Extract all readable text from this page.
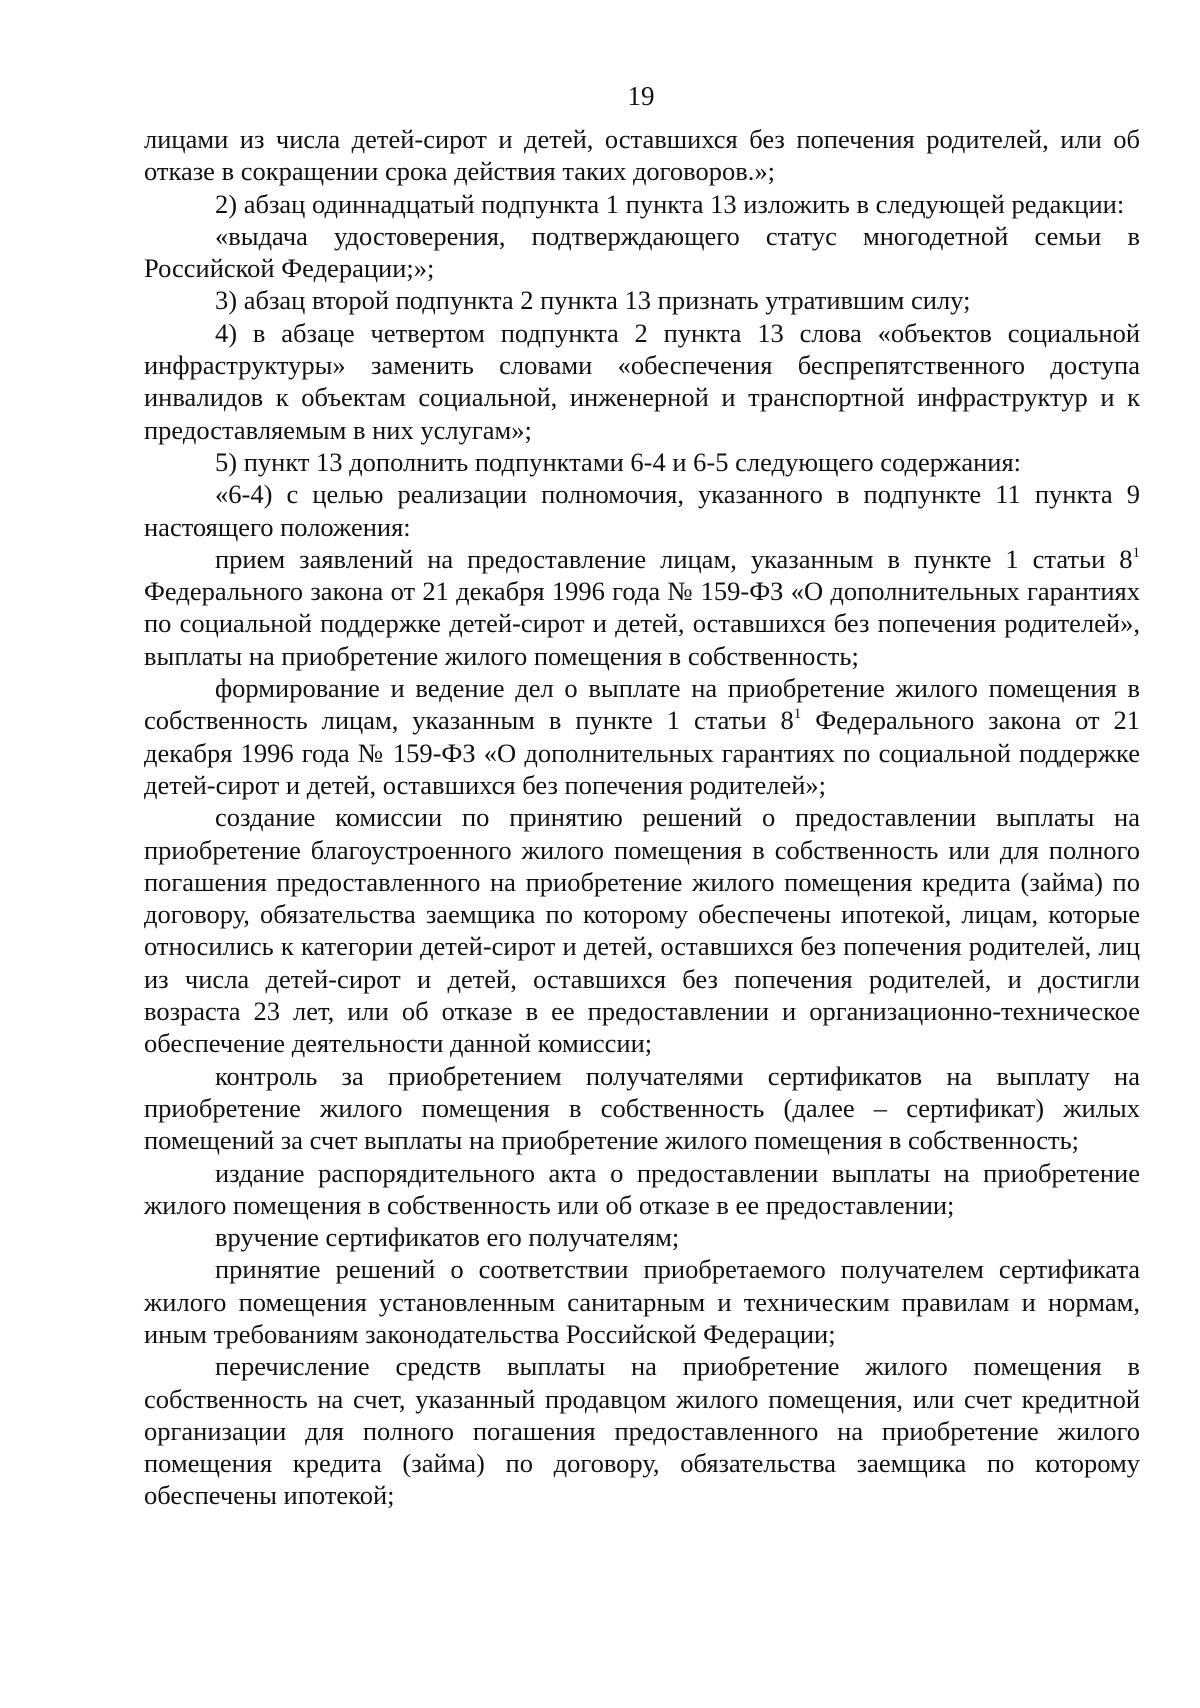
19

лицами из числа детей-сирот и детей, оставшихся без попечения родителей, или об отказе в сокращении срока действия таких договоров.»;

2) абзац одиннадцатый подпункта 1 пункта 13 изложить в следующей редакции:

«выдача удостоверения, подтверждающего статус многодетной семьи в Российской Федерации;»;

3) абзац второй подпункта 2 пункта 13 признать утратившим силу;

4) в абзаце четвертом подпункта 2 пункта 13 слова «объектов социальной инфраструктуры» заменить словами «обеспечения беспрепятственного доступа инвалидов к объектам социальной, инженерной и транспортной инфраструктур и к предоставляемым в них услугам»;

5) пункт 13 дополнить подпунктами 6-4 и 6-5 следующего содержания:

«6-4) с целью реализации полномочия, указанного в подпункте 11 пункта 9 настоящего положения:

прием заявлений на предоставление лицам, указанным в пункте 1 статьи $8^1$ Федерального закона от 21 декабря 1996 года № 159-ФЗ «О дополнительных гарантиях по социальной поддержке детей-сирот и детей, оставшихся без попечения родителей», выплаты на приобретение жилого помещения в собственность;

формирование и ведение дел о выплате на приобретение жилого помещения в собственность лицам, указанным в пункте 1 статьи $8^1$ Федерального закона от 21 декабря 1996 года № 159-ФЗ «О дополнительных гарантиях по социальной поддержке детей-сирот и детей, оставшихся без попечения родителей»;

создание комиссии по принятию решений о предоставлении выплаты на приобретение благоустроенного жилого помещения в собственность или для полного погашения предоставленного на приобретение жилого помещения кредита (займа) по договору, обязательства заемщика по которому обеспечены ипотекой, лицам, которые относились к категории детей-сирот и детей, оставшихся без попечения родителей, лиц из числа детей-сирот и детей, оставшихся без попечения родителей, и достигли возраста 23 лет, или об отказе в ее предоставлении и организационно-техническое обеспечение деятельности данной комиссии;

контроль за приобретением получателями сертификатов на выплату на приобретение жилого помещения в собственность (далее – сертификат) жилых помещений за счет выплаты на приобретение жилого помещения в собственность;

издание распорядительного акта о предоставлении выплаты на приобретение жилого помещения в собственность или об отказе в ее предоставлении;

вручение сертификатов его получателям;

принятие решений о соответствии приобретаемого получателем сертификата жилого помещения установленным санитарным и техническим правилам и нормам, иным требованиям законодательства Российской Федерации;

перечисление средств выплаты на приобретение жилого помещения в собственность на счет, указанный продавцом жилого помещения, или счет кредитной организации для полного погашения предоставленного на приобретение жилого помещения кредита (займа) по договору, обязательства заемщика по которому обеспечены ипотекой;
